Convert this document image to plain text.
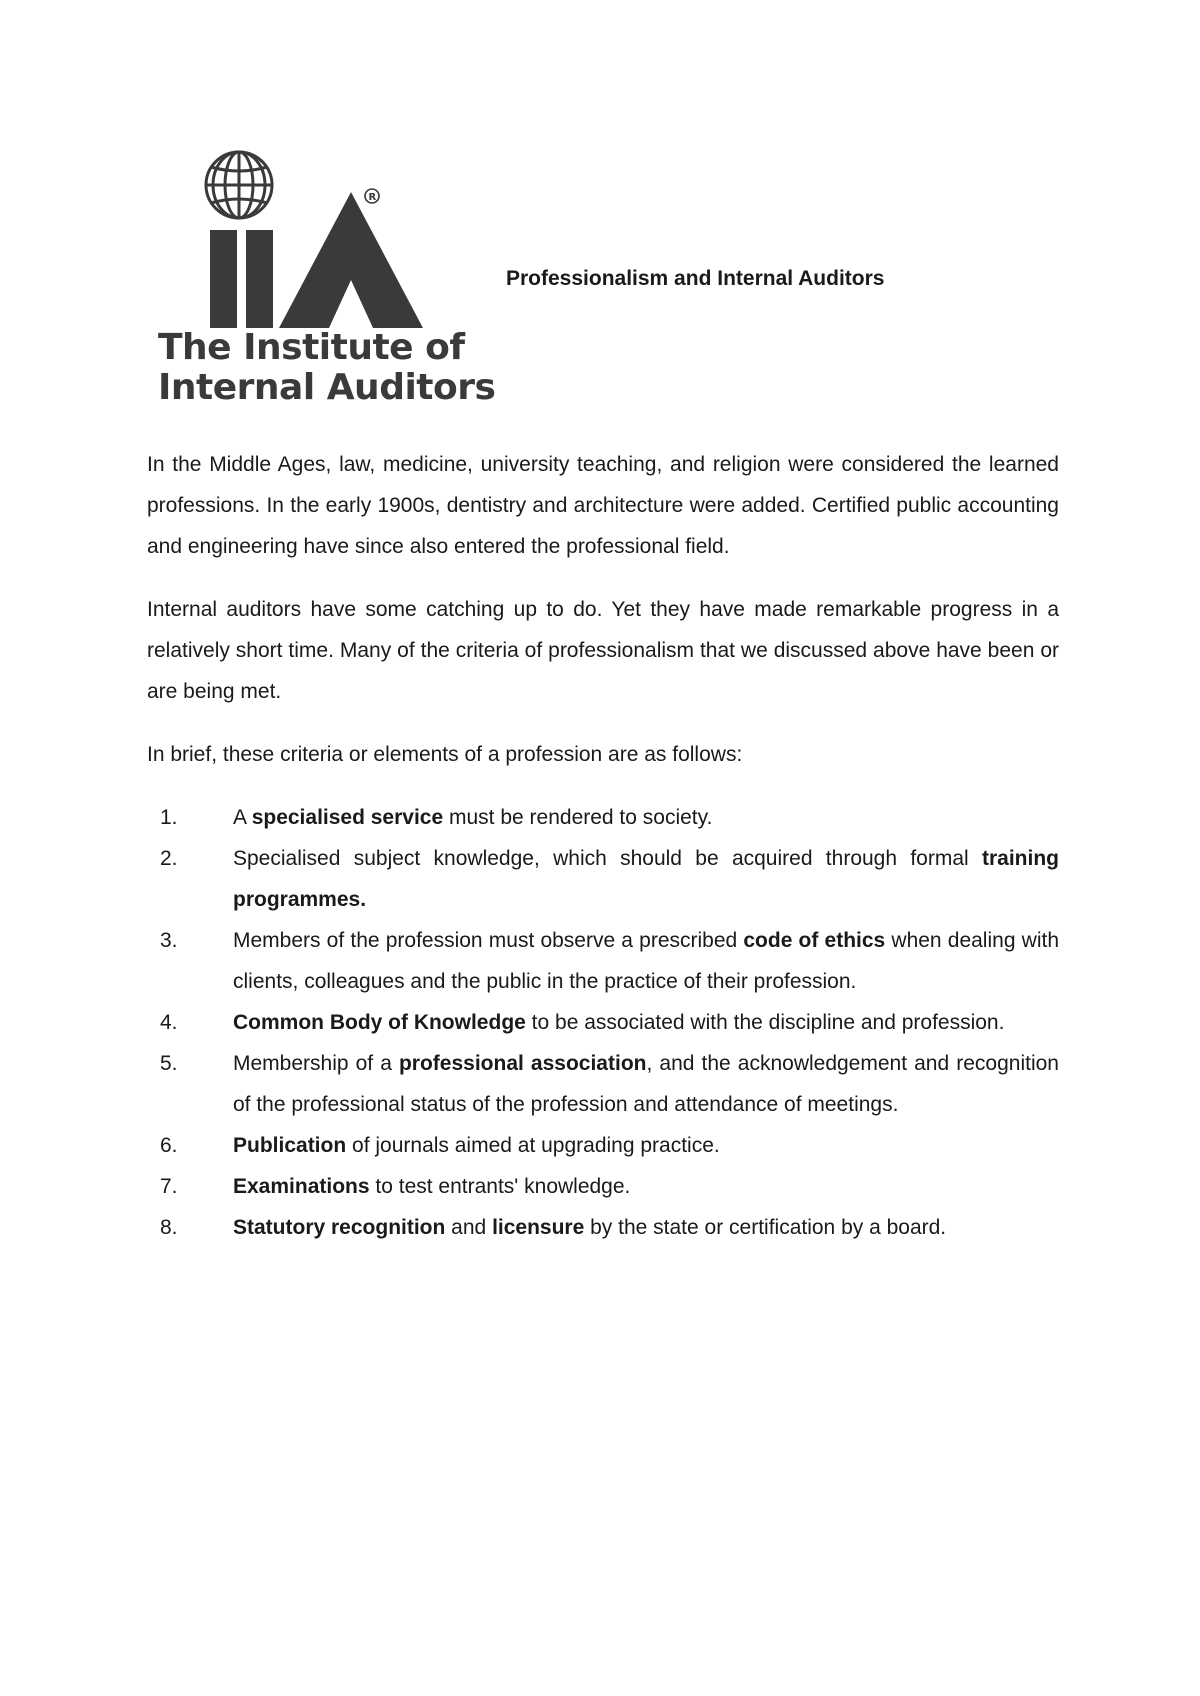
R
The Institute of
Internal Auditors
Professionalism and Internal Auditors

In the Middle Ages, law, medicine, university teaching, and religion were considered the learned professions. In the early 1900s, dentistry and architecture were added. Certified public accounting and engineering have since also entered the professional field.

Internal auditors have some catching up to do. Yet they have made remarkable progress in a relatively short time. Many of the criteria of professionalism that we discussed above have been or are being met.

In brief, these criteria or elements of a profession are as follows:

1.	A specialised service must be rendered to society.
2.	Specialised subject knowledge, which should be acquired through formal training programmes.
3.	Members of the profession must observe a prescribed code of ethics when dealing with clients, colleagues and the public in the practice of their profession.
4.	Common Body of Knowledge to be associated with the discipline and profession.
5.	Membership of a professional association, and the acknowledgement and recognition of the professional status of the profession and attendance of meetings.
6.	Publication of journals aimed at upgrading practice.
7.	Examinations to test entrants' knowledge.
8.	Statutory recognition and licensure by the state or certification by a board.
